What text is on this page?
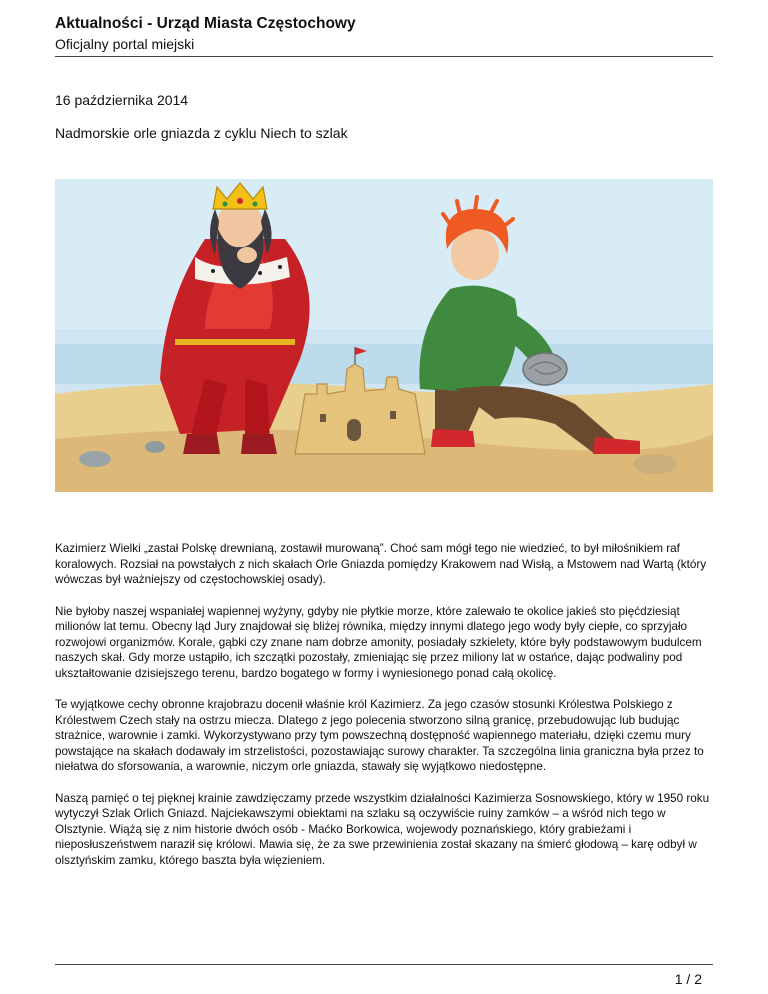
Aktualności - Urząd Miasta Częstochowy
Oficjalny portal miejski
16 października 2014
Nadmorskie orle gniazda z cyklu Niech to szlak

Kazimierz Wielki „zastał Polskę drewnianą, zostawił murowaną”. Choć sam mógł tego nie wiedzieć, to był miłośnikiem raf koralowych. Rozsiał na powstałych z nich skałach Orle Gniazda pomiędzy Krakowem nad Wisłą, a Mstowem nad Wartą (który wówczas był ważniejszy od częstochowskiej osady).

Nie byłoby naszej wspaniałej wapiennej wyżyny, gdyby nie płytkie morze, które zalewało te okolice jakieś sto pięćdziesiąt milionów lat temu. Obecny ląd Jury znajdował się bliżej równika, między innymi dlatego jego wody były ciepłe, co sprzyjało rozwojowi organizmów. Korale, gąbki czy znane nam dobrze amonity, posiadały szkielety, które były podstawowym budulcem naszych skał. Gdy morze ustąpiło, ich szczątki pozostały, zmieniając się przez miliony lat w ostańce, dając podwaliny pod ukształtowanie dzisiejszego terenu, bardzo bogatego w formy i wyniesionego ponad całą okolicę.

Te wyjątkowe cechy obronne krajobrazu docenił właśnie król Kazimierz. Za jego czasów stosunki Królestwa Polskiego z Królestwem Czech stały na ostrzu miecza. Dlatego z jego polecenia stworzono silną granicę, przebudowując lub budując strażnice, warownie i zamki. Wykorzystywano przy tym powszechną dostępność wapiennego materiału, dzięki czemu mury powstające na skałach dodawały im strzelistości, pozostawiając surowy charakter. Ta szczególna linia graniczna była przez to niełatwa do sforsowania, a warownie, niczym orle gniazda, stawały się wyjątkowo niedostępne.

Naszą pamięć o tej pięknej krainie zawdzięczamy przede wszystkim działalności Kazimierza Sosnowskiego, który w 1950 roku wytyczył Szlak Orlich Gniazd. Najciekawszymi obiektami na szlaku są oczywiście ruiny zamków – a wśród nich tego w Olsztynie. Wiążą się z nim historie dwóch osób - Maćko Borkowica, wojewody poznańskiego, który grabieżami i nieposłuszeństwem naraził się królowi. Mawia się, że za swe przewinienia został skazany na śmierć głodową – karę odbył w olsztyńskim zamku, którego baszta była więzieniem.

1 / 2
